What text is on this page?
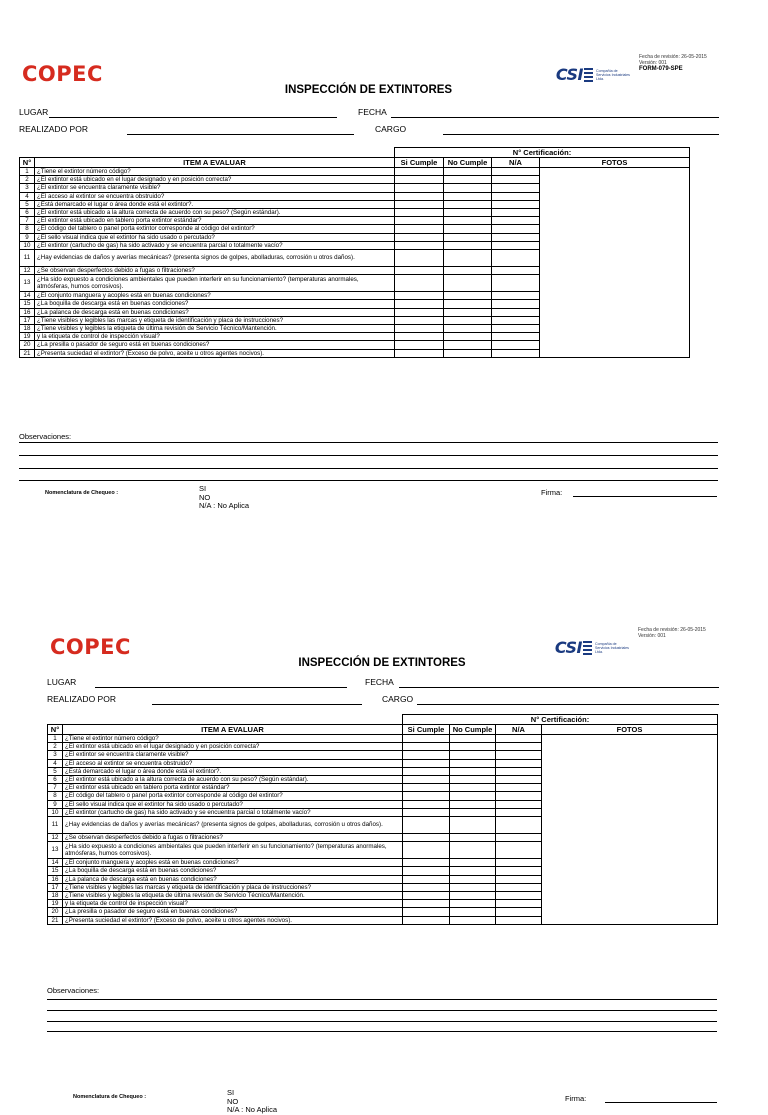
COPEC	CSI	Compañía de Servicios Industriales Ltda.
Fecha de revisión: 26-05-2015
Versión: 001
FORM-079-SPE
INSPECCIÓN DE EXTINTORES
LUGAR	FECHA
REALIZADO POR	CARGO
		N° Certificación:			
N°	ITEM A EVALUAR	Si Cumple	No Cumple	N/A	FOTOS
1	¿Tiene el extintor número código?				
2	¿El extintor está ubicado en el lugar designado y en posición correcta?				
3	¿El extintor se encuentra claramente visible?				
4	¿El acceso al extintor se encuentra obstruido?				
5	¿Está demarcado el lugar o área donde está el extintor?.				
6	¿El extintor está ubicado a la altura correcta de acuerdo con su peso? (Según estándar).				
7	¿El extintor está ubicado en tablero porta extintor estándar?				
8	¿El código del tablero o panel porta extintor corresponde al código del extintor?				
9	¿El sello visual indica que el extintor ha sido usado o percutado?				
10	¿El extintor (cartucho de gas) ha sido activado y se encuentra parcial o totalmente vacío?				
11	¿Hay evidencias de daños y averías mecánicas? (presenta signos de golpes, abolladuras, corrosión u otros daños).				
12	¿Se observan desperfectos debido a fugas o filtraciones?				
13	¿Ha sido expuesto a condiciones ambientales que pueden interferir en su funcionamiento? (temperaturas anormales, atmósferas, humos corrosivos).				
14	¿El conjunto manguera y acoples está en buenas condiciones?				
15	¿La boquilla de descarga está en buenas condiciones?				
16	¿La palanca de descarga está en buenas condiciones?				
17	¿Tiene visibles y legibles las marcas y etiqueta de identificación y placa de instrucciones?				
18	¿Tiene visibles y legibles la etiqueta de última revisión de Servicio Técnico/Mantención.				
19	y la etiqueta de control de inspección visual?				
20	¿La presilla o pasador de seguro está en buenas condiciones?				
21	¿Presenta suciedad el extintor? (Exceso de polvo, aceite u otros agentes nocivos).				
Observaciones:
Nomenclatura de Chequeo :	SI
NO
N/A : No Aplica
Firma:
COPEC	CSI	Compañía de Servicios Industriales Ltda.
Fecha de revisión: 26-05-2015
Versión: 001
INSPECCIÓN DE EXTINTORES
LUGAR	FECHA
REALIZADO POR	CARGO
		N° Certificación:			
N°	ITEM A EVALUAR	Si Cumple	No Cumple	N/A	FOTOS
1	¿Tiene el extintor número código?				
2	¿El extintor está ubicado en el lugar designado y en posición correcta?				
3	¿El extintor se encuentra claramente visible?				
4	¿El acceso al extintor se encuentra obstruido?				
5	¿Está demarcado el lugar o área donde está el extintor?.				
6	¿El extintor está ubicado a la altura correcta de acuerdo con su peso? (Según estándar).				
7	¿El extintor está ubicado en tablero porta extintor estándar?				
8	¿El código del tablero o panel porta extintor corresponde al código del extintor?				
9	¿El sello visual indica que el extintor ha sido usado o percutado?				
10	¿El extintor (cartucho de gas) ha sido activado y se encuentra parcial o totalmente vacío?				
11	¿Hay evidencias de daños y averías mecánicas? (presenta signos de golpes, abolladuras, corrosión u otros daños).				
12	¿Se observan desperfectos debido a fugas o filtraciones?				
13	¿Ha sido expuesto a condiciones ambientales que pueden interferir en su funcionamiento? (temperaturas anormales, atmósferas, humos corrosivos).				
14	¿El conjunto manguera y acoples está en buenas condiciones?				
15	¿La boquilla de descarga está en buenas condiciones?				
16	¿La palanca de descarga está en buenas condiciones?				
17	¿Tiene visibles y legibles las marcas y etiqueta de identificación y placa de instrucciones?				
18	¿Tiene visibles y legibles la etiqueta de última revisión de Servicio Técnico/Mantención.				
19	y la etiqueta de control de inspección visual?				
20	¿La presilla o pasador de seguro está en buenas condiciones?				
21	¿Presenta suciedad el extintor? (Exceso de polvo, aceite u otros agentes nocivos).				
Observaciones:
Nomenclatura de Chequeo :	SI
NO
N/A : No Aplica
Firma:
